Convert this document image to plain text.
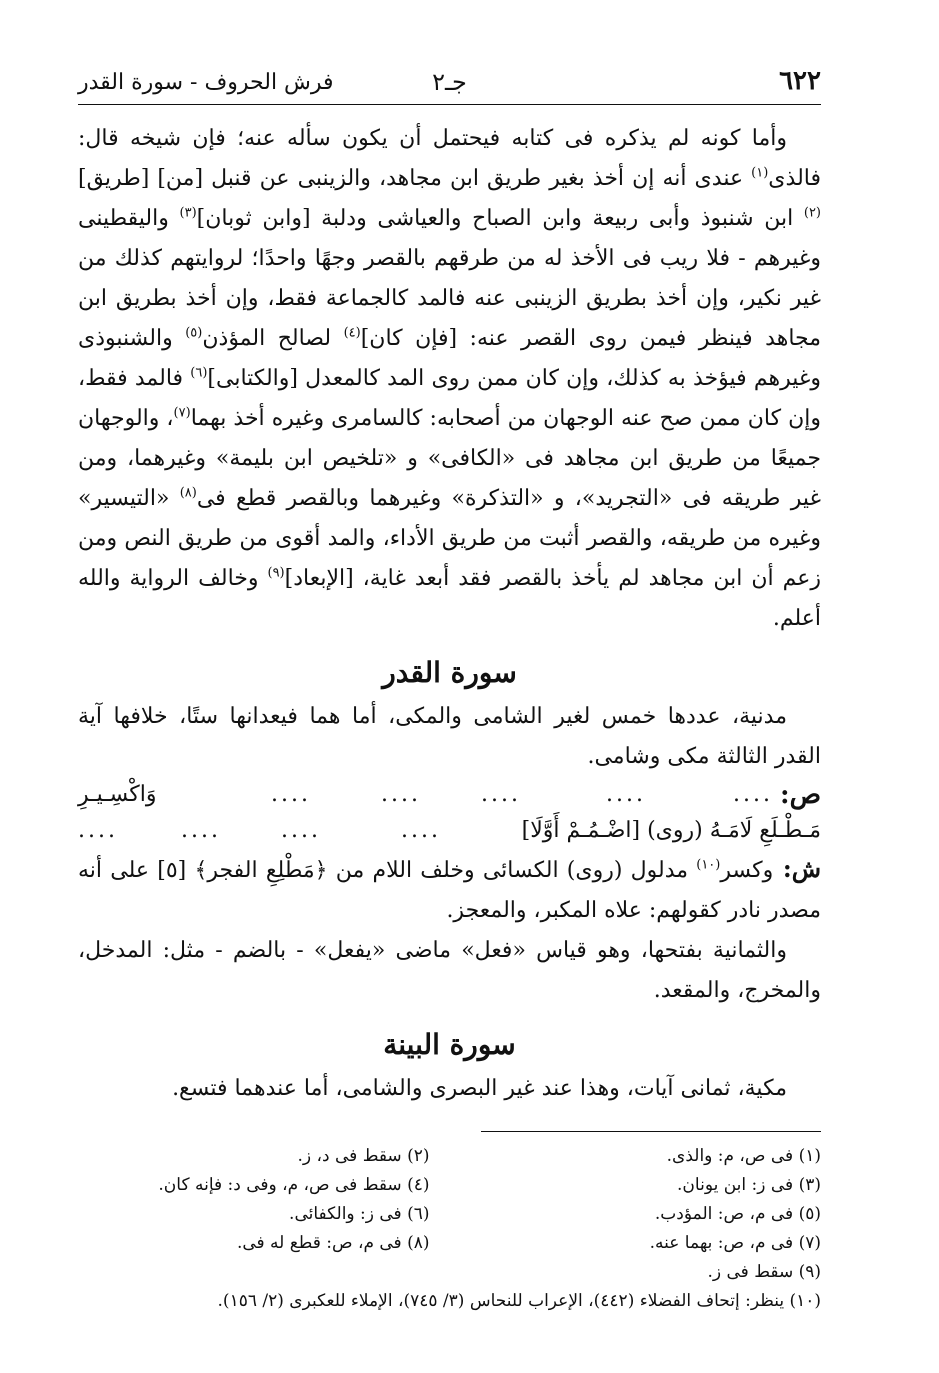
٦٢٢
جـ٢
فرش الحروف - سورة القدر

وأما كونه لم يذكره فى كتابه فيحتمل أن يكون سأله عنه؛ فإن شيخه قال: فالذى$^{(١)}$ عندى أنه إن أخذ بغير طريق ابن مجاهد، والزينبى عن قنبل [من] [طريق]$^{(٢)}$ ابن شنبوذ وأبى ربيعة وابن الصباح والعياشى ودلبة [وابن ثوبان]$^{(٣)}$ واليقطينى وغيرهم - فلا ريب فى الأخذ له من طرقهم بالقصر وجهًا واحدًا؛ لروايتهم كذلك من غير نكير، وإن أخذ بطريق الزينبى عنه فالمد كالجماعة فقط، وإن أخذ بطريق ابن مجاهد فينظر فيمن روى القصر عنه: [فإن كان]$^{(٤)}$ لصالح المؤذن$^{(٥)}$ والشنبوذى وغيرهم فيؤخذ به كذلك، وإن كان ممن روى المد كالمعدل [والكتابى]$^{(٦)}$ فالمد فقط، وإن كان ممن صح عنه الوجهان من أصحابه: كالسامرى وغيره أخذ بهما$^{(٧)}$، والوجهان جميعًا من طريق ابن مجاهد فى «الكافى» و «تلخيص ابن بليمة» وغيرهما، ومن غير طريقه فى «التجريد»، و «التذكرة» وغيرهما وبالقصر قطع فى$^{(٨)}$ «التيسير» وغيره من طريقه، والقصر أثبت من طريق الأداء، والمد أقوى من طريق النص ومن زعم أن ابن مجاهد لم يأخذ بالقصر فقد أبعد غاية، [الإبعاد]$^{(٩)}$ وخالف الرواية والله أعلم.

سورة القدر

مدنية، عددها خمس لغير الشامى والمكى، أما هما فيعدانها ستًا، خلافها آية القدر الثالثة مكى وشامى.

ص:
....
....
....
....
....
وَاكْسِـيـرِ
مَـطْـلَعِ لَامَـهُ (روى) [اضْـمُـمْ أَوَّلَا]
....
....
....
....

ش: وكسر$^{(١٠)}$ مدلول (روى) الكسائى وخلف اللام من ﴿مَطْلِعِ الفجر﴾ [٥] على أنه مصدر نادر كقولهم: علاه المكبر، والمعجز.

والثمانية بفتحها، وهو قياس «فعل» ماضى «يفعل» - بالضم - مثل: المدخل، والمخرج، والمقعد.

سورة البينة

مكية، ثمانى آيات، وهذا عند غير البصرى والشامى، أما عندهما فتسع.

(١) فى ص، م: والذى.
(٢) سقط فى د، ز.
(٣) فى ز: ابن يونان.
(٤) سقط فى ص، م، وفى د: فإنه كان.
(٥) فى م، ص: المؤدب.
(٦) فى ز: والكفائى.
(٧) فى م، ص: بهما عنه.
(٨) فى م، ص: قطع له فى.
(٩) سقط فى ز.
(١٠) ينظر: إتحاف الفضلاء (٤٤٢)، الإعراب للنحاس (٣/ ٧٤٥)، الإملاء للعكبرى (٢/ ١٥٦).
